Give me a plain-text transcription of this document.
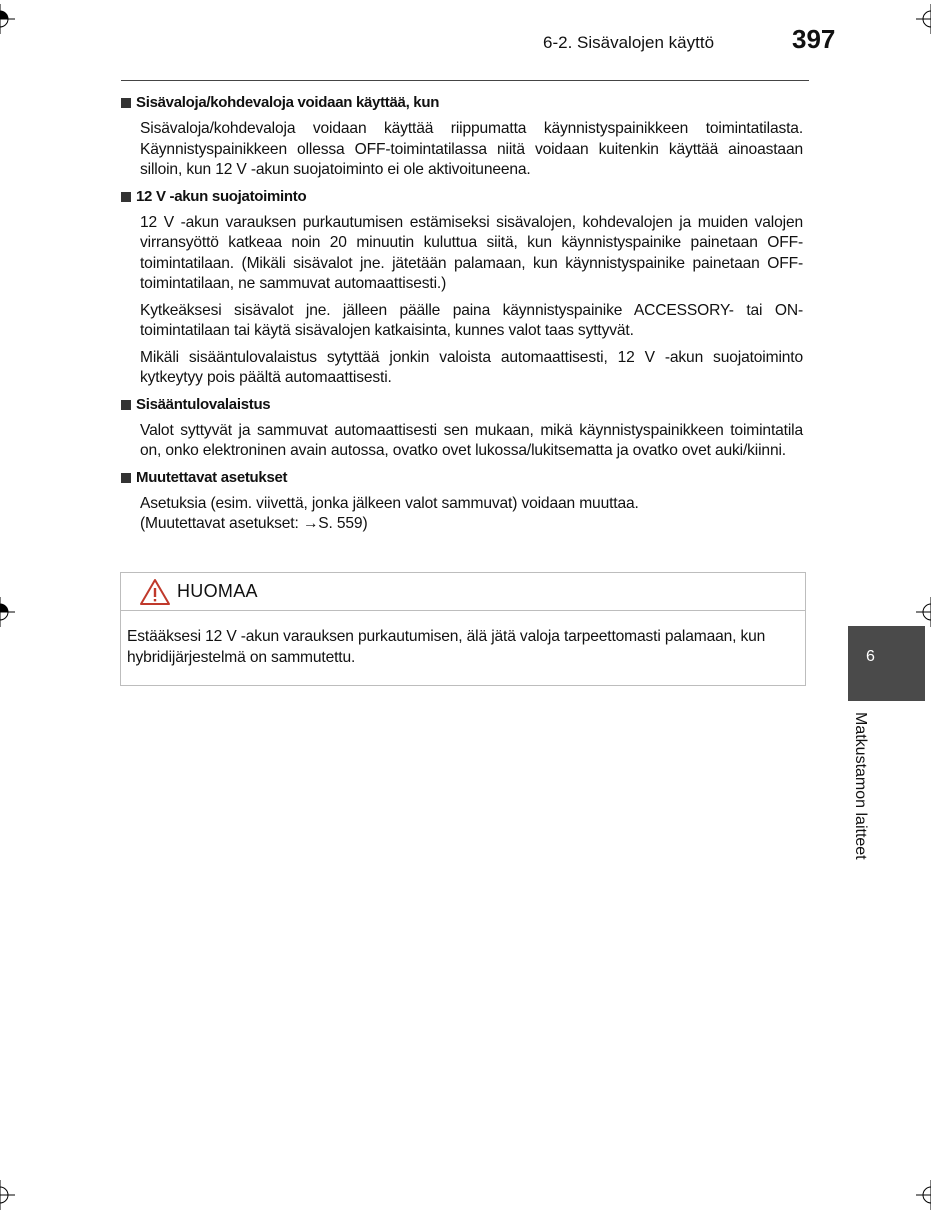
6-2. Sisävalojen käyttö	397
Sisävaloja/kohdevaloja voidaan käyttää, kun

Sisävaloja/kohdevaloja voidaan käyttää riippumatta käynnistyspainikkeen toimintatilasta. Käynnistyspainikkeen ollessa OFF-toimintatilassa niitä voidaan kuitenkin käyttää ainoastaan silloin, kun 12 V -akun suojatoiminto ei ole aktivoituneena.

12 V -akun suojatoiminto

12 V -akun varauksen purkautumisen estämiseksi sisävalojen, kohdevalojen ja muiden valojen virransyöttö katkeaa noin 20 minuutin kuluttua siitä, kun käynnistyspainike painetaan OFF-toimintatilaan. (Mikäli sisävalot jne. jätetään palamaan, kun käynnistyspainike painetaan OFF-toimintatilaan, ne sammuvat automaattisesti.)

Kytkeäksesi sisävalot jne. jälleen päälle paina käynnistyspainike ACCESSORY- tai ON-toimintatilaan tai käytä sisävalojen katkaisinta, kunnes valot taas syttyvät.

Mikäli sisääntulovalaistus sytyttää jonkin valoista automaattisesti, 12 V -akun suojatoiminto kytkeytyy pois päältä automaattisesti.

Sisääntulovalaistus

Valot syttyvät ja sammuvat automaattisesti sen mukaan, mikä käynnistyspainikkeen toimintatila on, onko elektroninen avain autossa, ovatko ovet lukossa/lukitsematta ja ovatko ovet auki/kiinni.

Muutettavat asetukset

Asetuksia (esim. viivettä, jonka jälkeen valot sammuvat) voidaan muuttaa.

(Muutettavat asetukset: →S. 559)

HUOMAA

Estääksesi 12 V -akun varauksen purkautumisen, älä jätä valoja tarpeettomasti palamaan, kun hybridijärjestelmä on sammutettu.	6
Matkustamon laitteet
